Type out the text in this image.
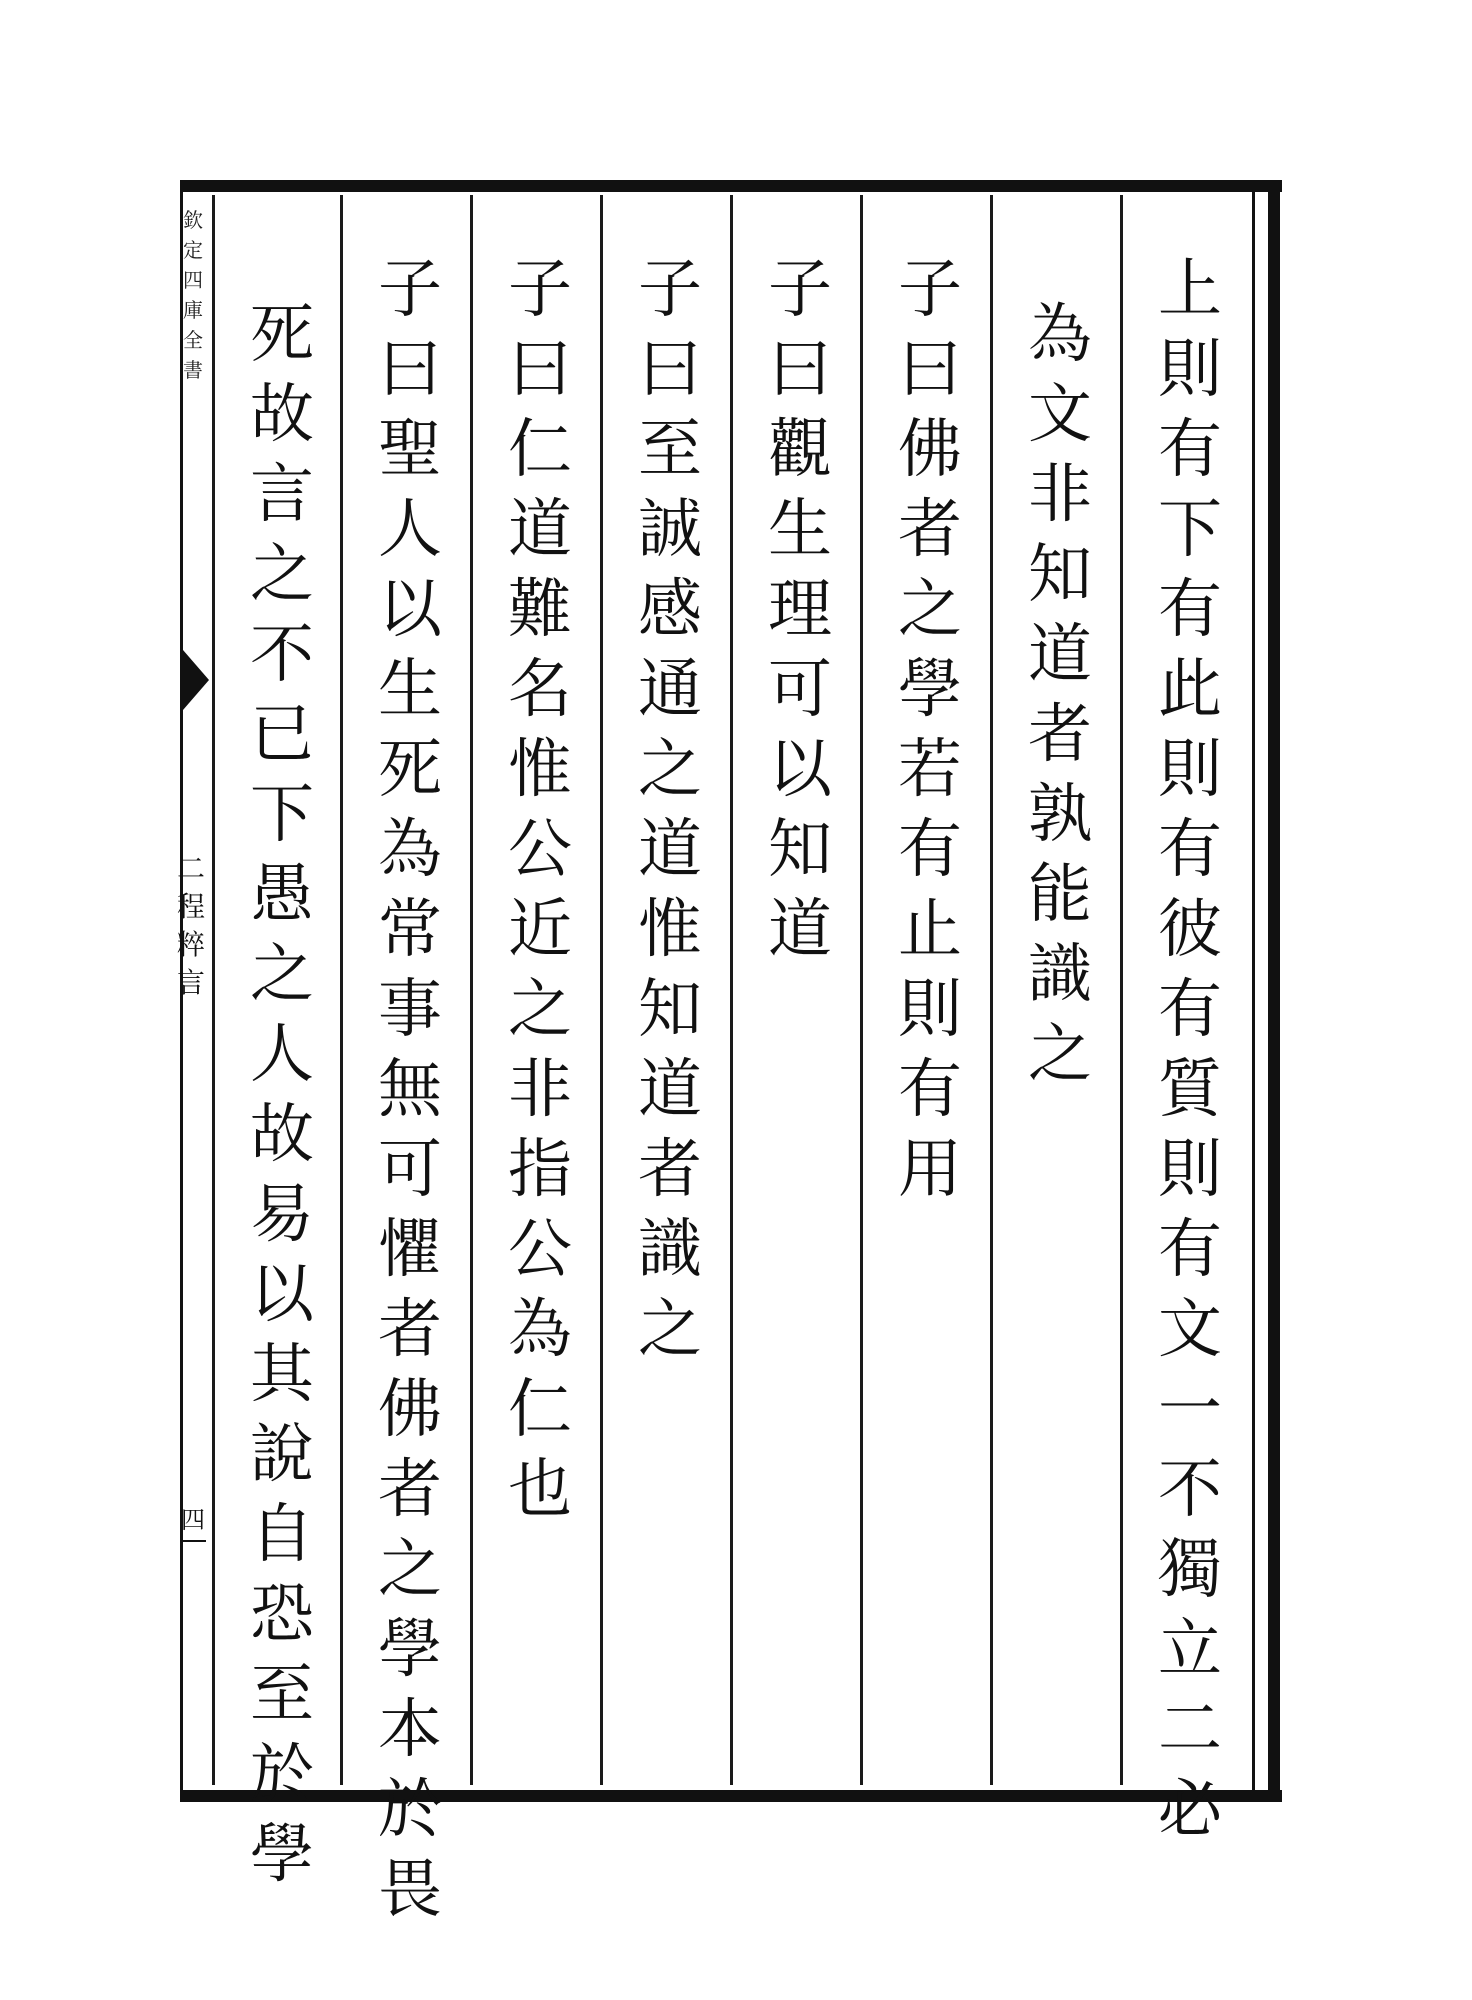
欽
定
四
庫
全
書
二
程
粹
言
四
上
則
有
下
有
此
則
有
彼
有
質
則
有
文
一
不
獨
立
二
必
為
文
非
知
道
者
孰
能
識
之
子
曰
佛
者
之
學
若
有
止
則
有
用
子
曰
觀
生
理
可
以
知
道
子
曰
至
誠
感
通
之
道
惟
知
道
者
識
之
子
曰
仁
道
難
名
惟
公
近
之
非
指
公
為
仁
也
子
曰
聖
人
以
生
死
為
常
事
無
可
懼
者
佛
者
之
學
本
於
畏
死
故
言
之
不
已
下
愚
之
人
故
易
以
其
說
自
恐
至
於
學
